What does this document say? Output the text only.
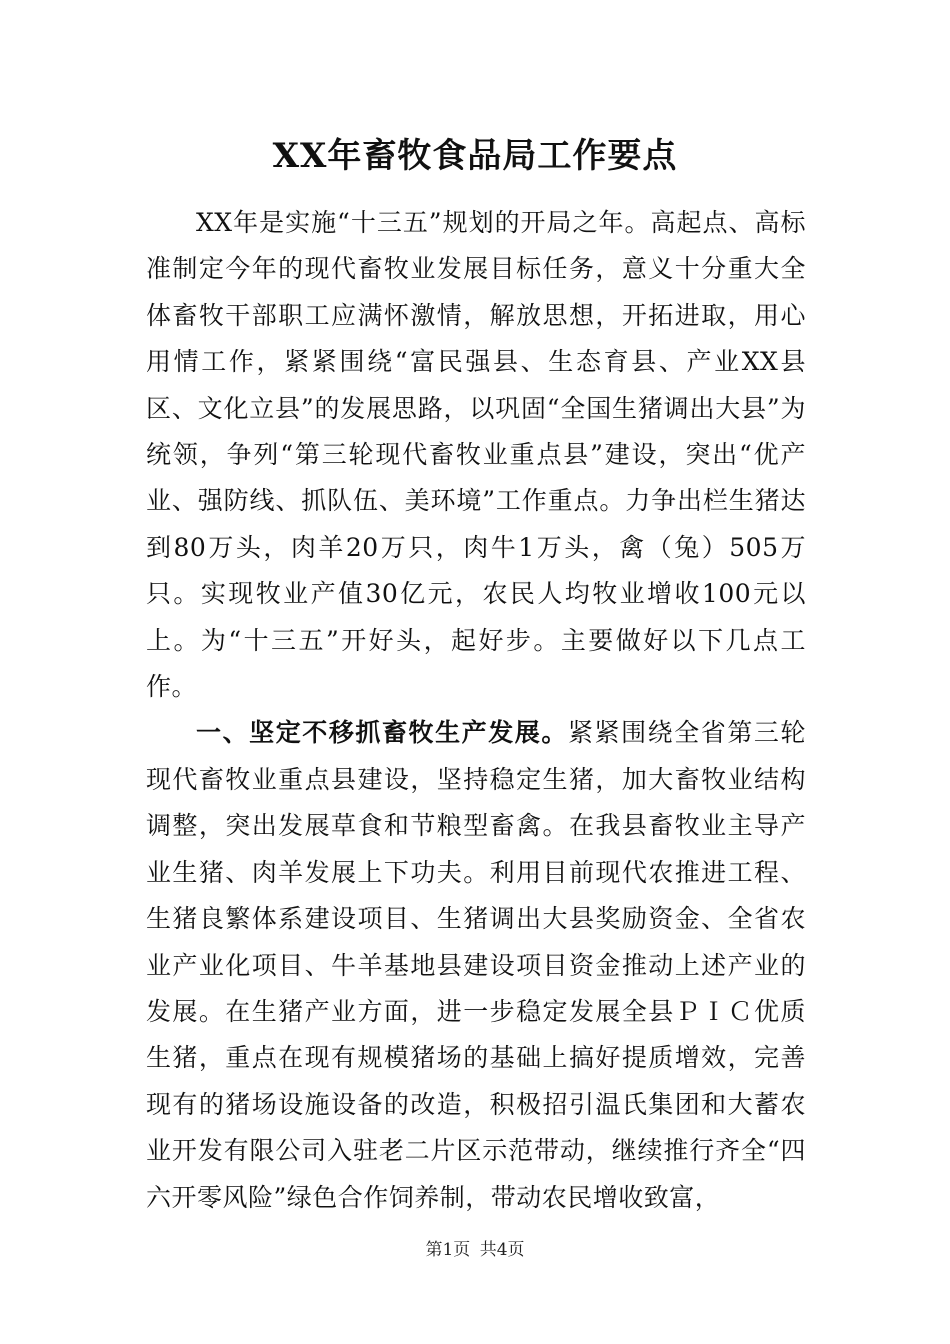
XX年畜牧食品局工作要点

XX年是实施“十三五”规划的开局之年。高起点、高标准制定今年的现代畜牧业发展目标任务，意义十分重大全体畜牧干部职工应满怀激情，解放思想，开拓进取，用心用情工作，紧紧围绕“富民强县、生态育县、产业XX县区、文化立县”的发展思路，以巩固“全国生猪调出大县”为统领，争列“第三轮现代畜牧业重点县”建设，突出“优产业、强防线、抓队伍、美环境”工作重点。力争出栏生猪达到80万头，肉羊20万只，肉牛1万头，禽（兔）505万只。实现牧业产值30亿元，农民人均牧业增收100元以上。为“十三五”开好头，起好步。主要做好以下几点工作。

一、坚定不移抓畜牧生产发展。紧紧围绕全省第三轮现代畜牧业重点县建设，坚持稳定生猪，加大畜牧业结构调整，突出发展草食和节粮型畜禽。在我县畜牧业主导产业生猪、肉羊发展上下功夫。利用目前现代农推进工程、生猪良繁体系建设项目、生猪调出大县奖励资金、全省农业产业化项目、牛羊基地县建设项目资金推动上述产业的发展。在生猪产业方面，进一步稳定发展全县ＰＩＣ优质生猪，重点在现有规模猪场的基础上搞好提质增效，完善现有的猪场设施设备的改造，积极招引温氏集团和大蓄农业开发有限公司入驻老二片区示范带动，继续推行齐全“四六开零风险”绿色合作饲养制，带动农民增收致富，

第1页 共4页
